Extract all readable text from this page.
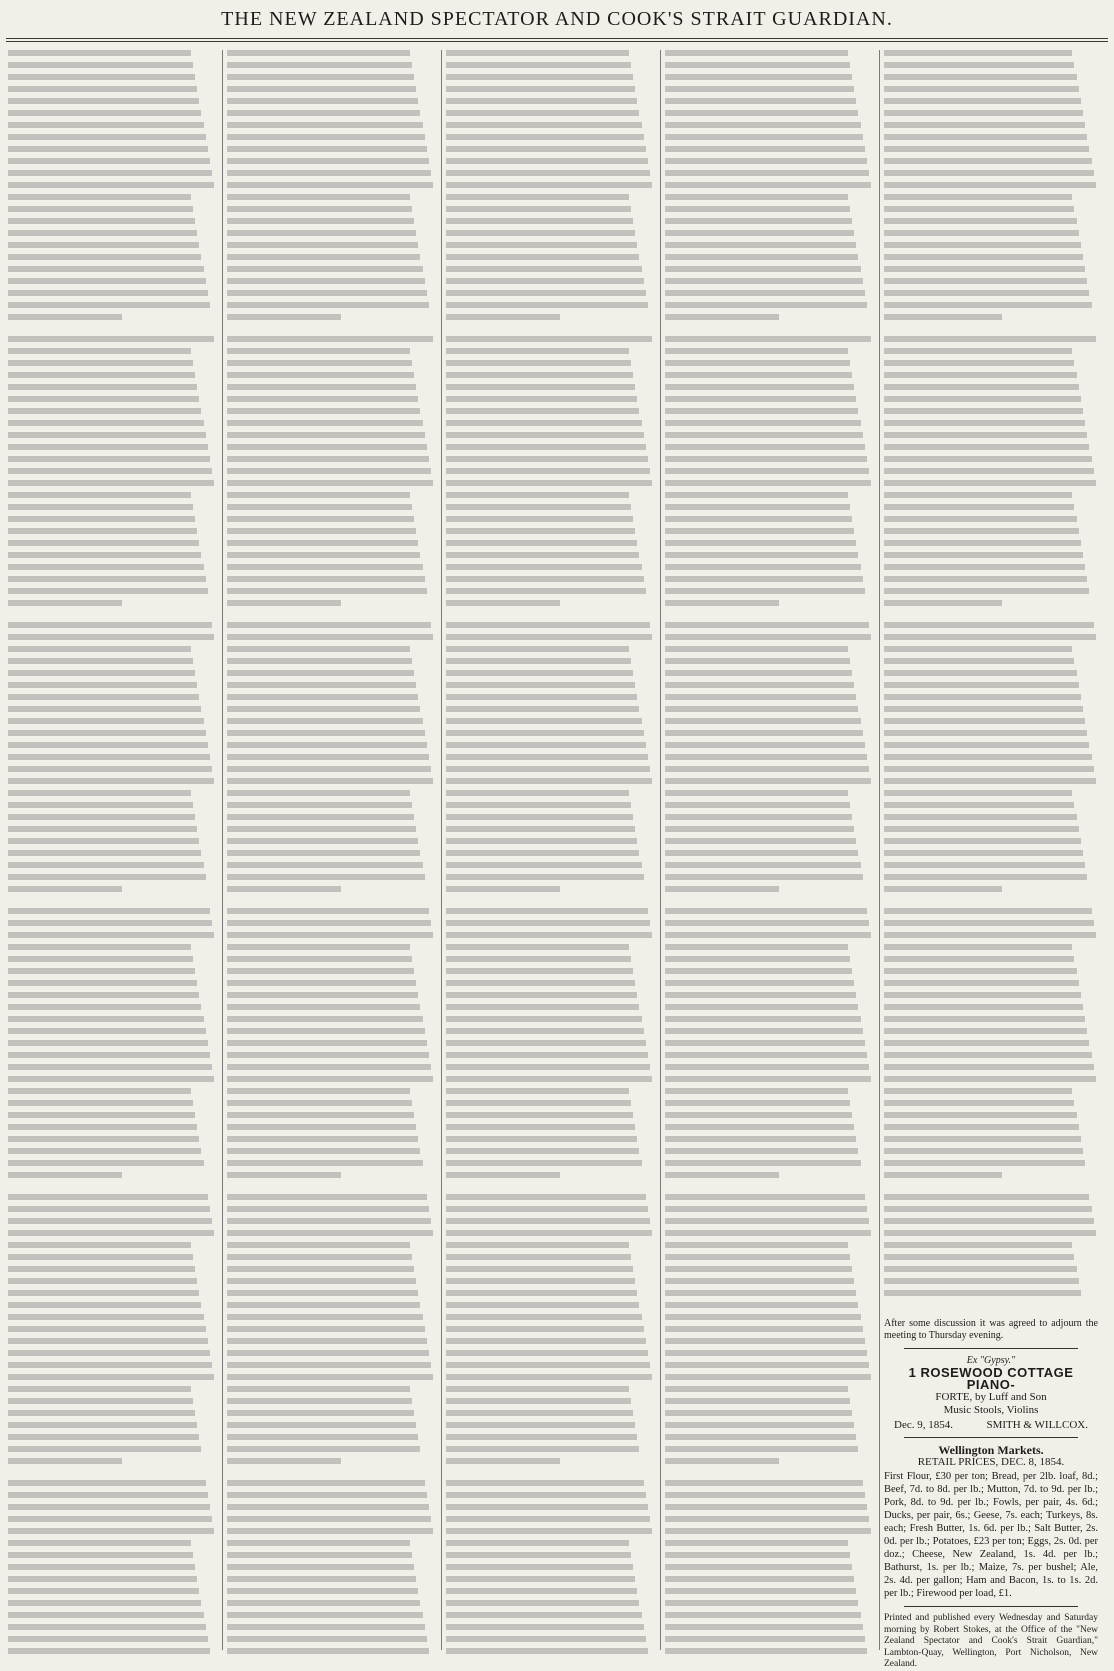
THE NEW ZEALAND SPECTATOR AND COOK'S STRAIT GUARDIAN.
After some discussion it was agreed to adjourn the meeting to Thursday evening.
Ex "Gypsy."
1 ROSEWOOD COTTAGE PIANO-
FORTE, by Luff and Son
Music Stools, Violins
Dec. 9, 1854.	SMITH & WILLCOX.
Wellington Markets.
RETAIL PRICES, DEC. 8, 1854.
First Flour, £30 per ton; Bread, per 2lb. loaf, 8d.; Beef, 7d. to 8d. per lb.; Mutton, 7d. to 9d. per lb.; Pork, 8d. to 9d. per lb.; Fowls, per pair, 4s. 6d.; Ducks, per pair, 6s.; Geese, 7s. each; Turkeys, 8s. each; Fresh Butter, 1s. 6d. per lb.; Salt Butter, 2s. 0d. per lb.; Potatoes, £23 per ton; Eggs, 2s. 0d. per doz.; Cheese, New Zealand, 1s. 4d. per lb.; Bathurst, 1s. per lb.; Maize, 7s. per bushel; Ale, 2s. 4d. per gallon; Ham and Bacon, 1s. to 1s. 2d. per lb.; Firewood per load, £1.
Printed and published every Wednesday and Saturday morning by Robert Stokes, at the Office of the "New Zealand Spectator and Cook's Strait Guardian," Lambton-Quay, Wellington, Port Nicholson, New Zealand.
